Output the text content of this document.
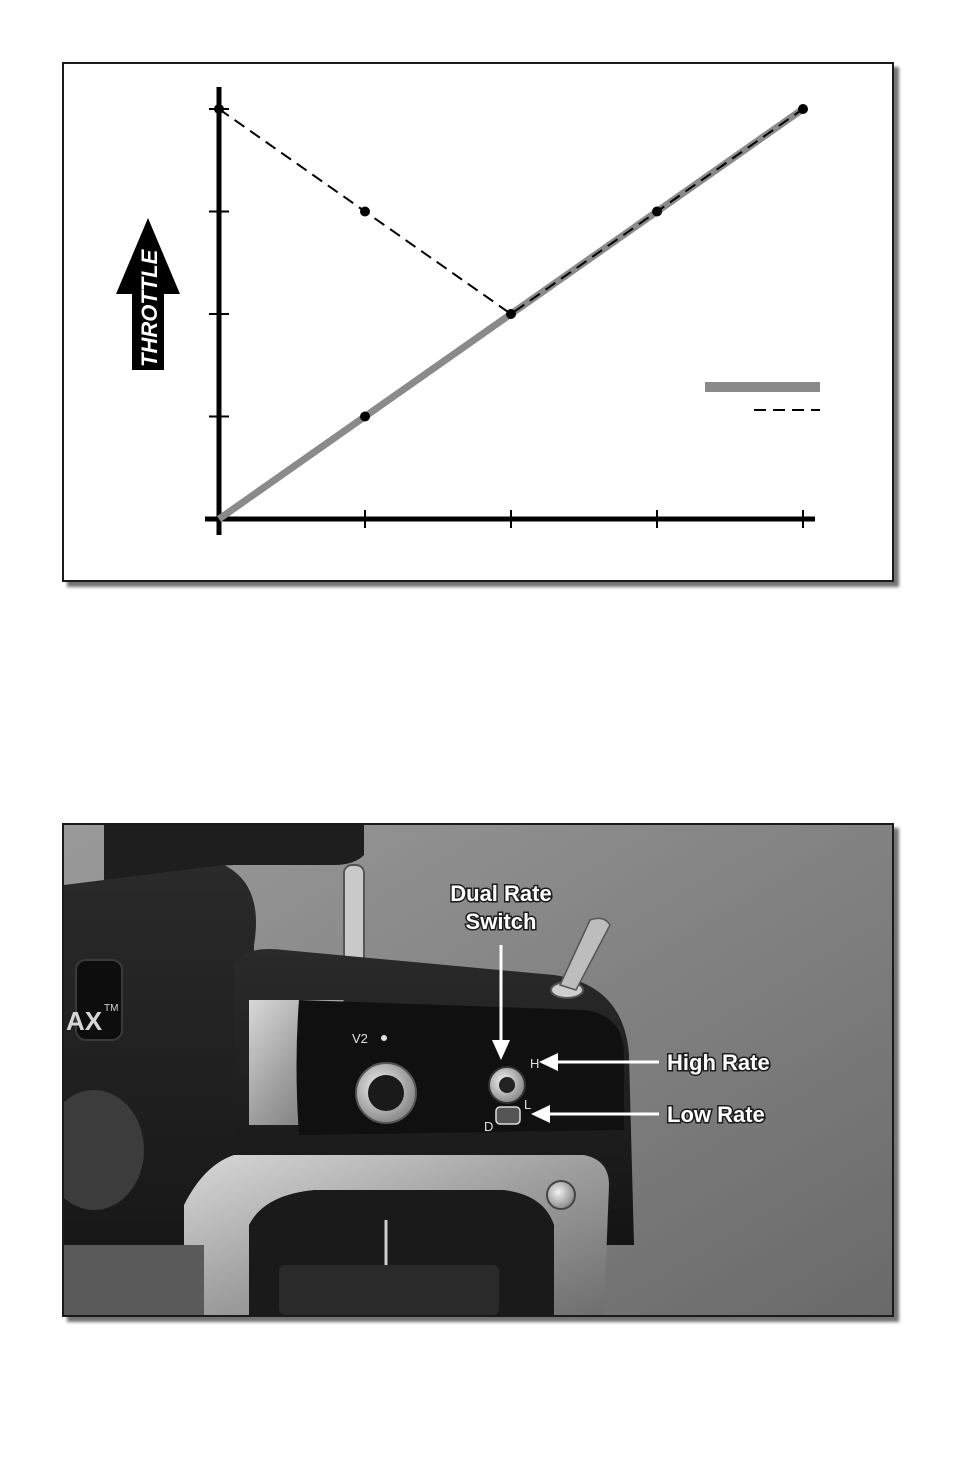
THROTTLE
AX TM
V2
H
L
D
Dual Rate
Switch
High Rate
Low Rate
